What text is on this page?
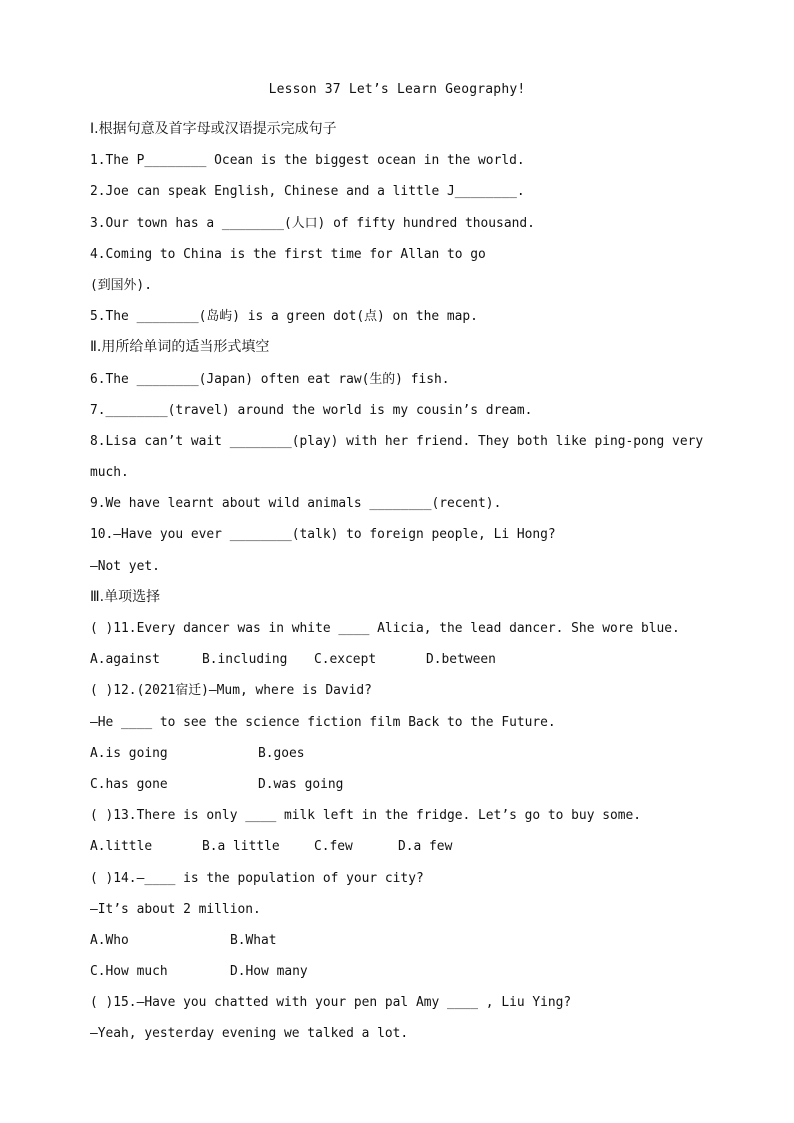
Lesson 37 Let’s Learn Geography!
Ⅰ.根据句意及首字母或汉语提示完成句子
1.The P________ Ocean is the biggest ocean in the world.
2.Joe can speak English, Chinese and a little J________.
3.Our town has a ________(人口) of fifty hundred thousand.
4.Coming to China is the first time for Allan to go
(到国外).
5.The ________(岛屿) is a green dot(点) on the map.
Ⅱ.用所给单词的适当形式填空
6.The ________(Japan) often eat raw(生的) fish.
7.________(travel) around the world is my cousin’s dream.
8.Lisa can’t wait ________(play) with her friend. They both like ping-pong very
much.
9.We have learnt about wild animals ________(recent).
10.—Have you ever ________(talk) to foreign people, Li Hong?
—Not yet.
Ⅲ.单项选择
( )11.Every dancer was in white ____ Alicia, the lead dancer. She wore blue.
A.against	B.including	C.except	D.between
( )12.(2021宿迁)—Mum, where is David?
—He ____ to see the science fiction film Back to the Future.
A.is going	B.goes
C.has gone	D.was going
( )13.There is only ____ milk left in the fridge. Let’s go to buy some.
A.little	B.a little	C.few	D.a few
( )14.—____ is the population of your city?
—It’s about 2 million.
A.Who	B.What
C.How much	D.How many
( )15.—Have you chatted with your pen pal Amy ____ , Liu Ying?
—Yeah, yesterday evening we talked a lot.
